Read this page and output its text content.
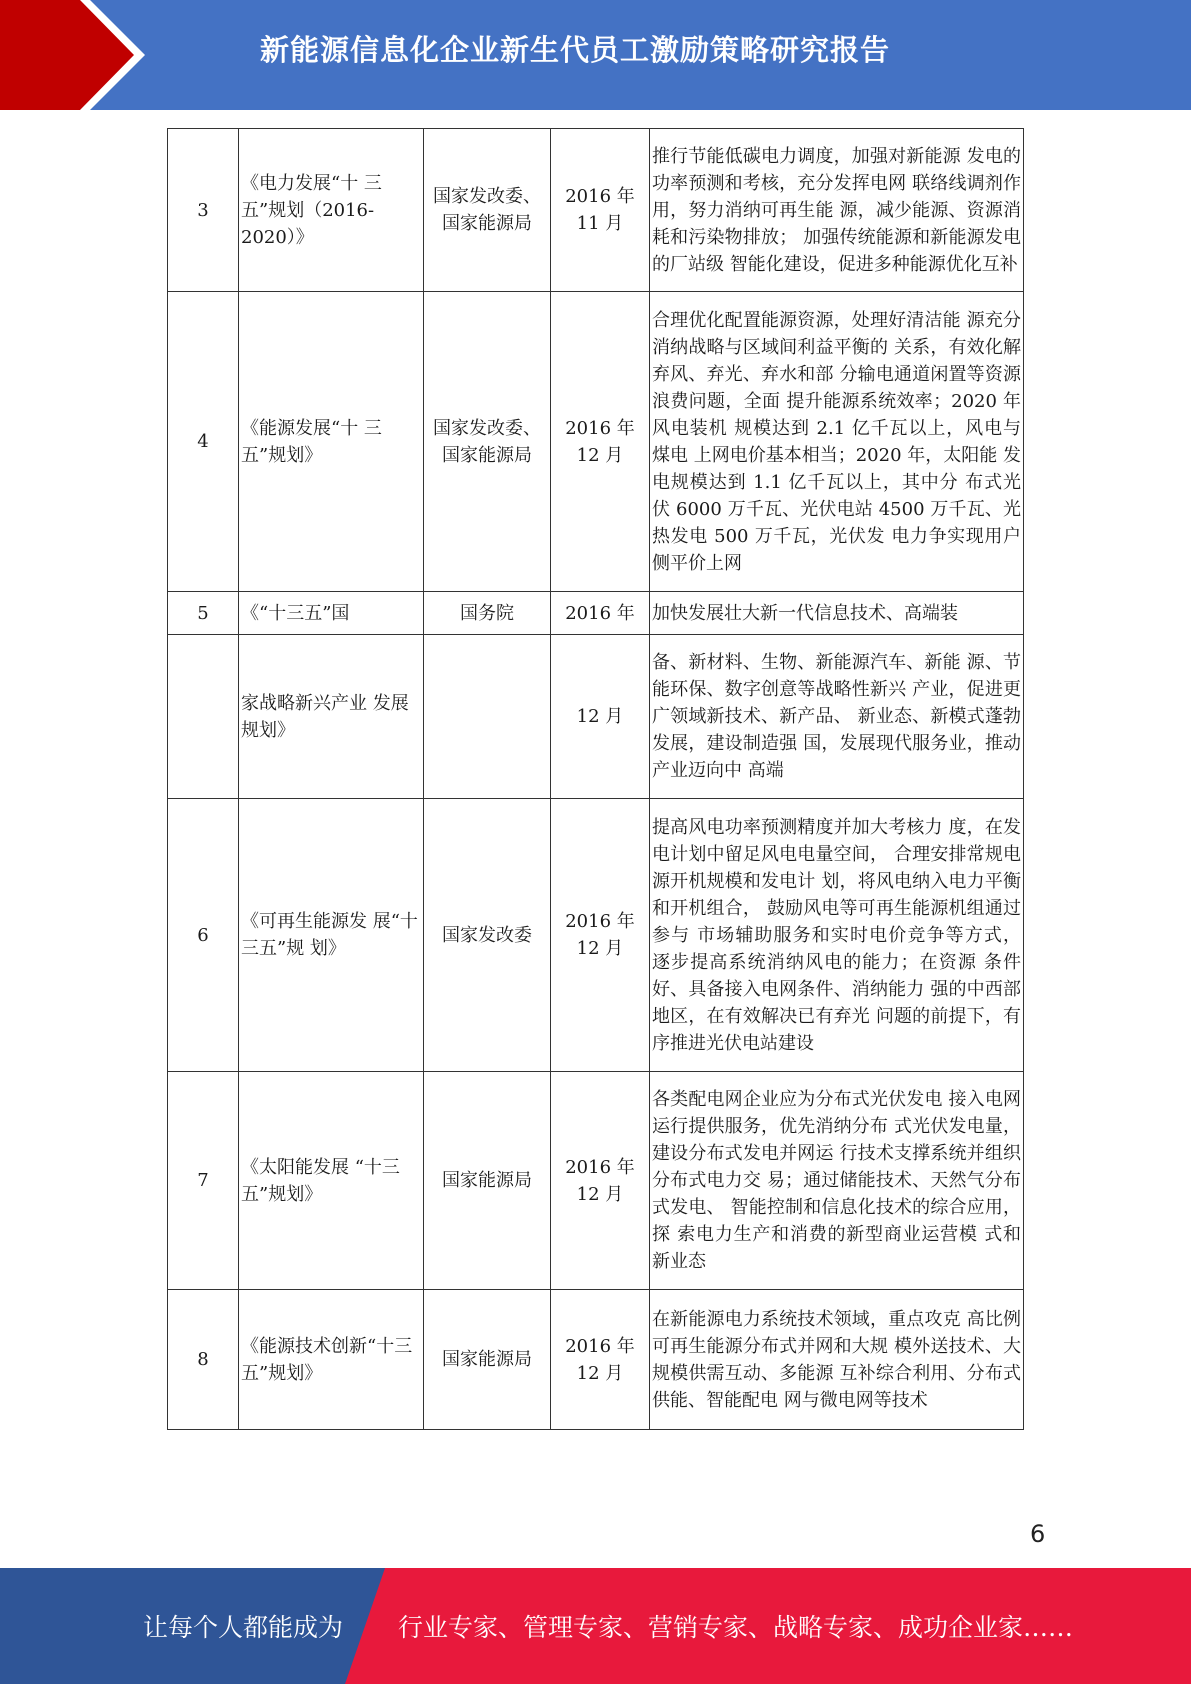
新能源信息化企业新生代员工激励策略研究报告
3	《电力发展“十 三五”规划（2016-2020）》	国家发改委、国家能源局	2016 年 11 月	推行节能低碳电力调度，加强对新能源 发电的功率预测和考核，充分发挥电网 联络线调剂作用，努力消纳可再生能 源，减少能源、资源消耗和污染物排放； 加强传统能源和新能源发电的厂站级 智能化建设，促进多种能源优化互补
4	《能源发展“十 三五”规划》	国家发改委、国家能源局	2016 年 12 月	合理优化配置能源资源，处理好清洁能 源充分消纳战略与区域间利益平衡的 关系，有效化解弃风、弃光、弃水和部 分输电通道闲置等资源浪费问题，全面 提升能源系统效率；2020 年风电装机 规模达到 2.1 亿千瓦以上，风电与煤电 上网电价基本相当；2020 年，太阳能 发电规模达到 1.1 亿千瓦以上，其中分 布式光伏 6000 万千瓦、光伏电站 4500 万千瓦、光热发电 500 万千瓦，光伏发 电力争实现用户侧平价上网
5	《“十三五”国	国务院	2016 年	加快发展壮大新一代信息技术、高端装
	家战略新兴产业 发展规划》		12 月	备、新材料、生物、新能源汽车、新能 源、节能环保、数字创意等战略性新兴 产业，促进更广领域新技术、新产品、 新业态、新模式蓬勃发展，建设制造强 国，发展现代服务业，推动产业迈向中 高端
6	《可再生能源发 展“十三五”规 划》	国家发改委	2016 年 12 月	提高风电功率预测精度并加大考核力 度，在发电计划中留足风电电量空间， 合理安排常规电源开机规模和发电计 划，将风电纳入电力平衡和开机组合， 鼓励风电等可再生能源机组通过参与 市场辅助服务和实时电价竞争等方式， 逐步提高系统消纳风电的能力；在资源 条件好、具备接入电网条件、消纳能力 强的中西部地区，在有效解决已有弃光 问题的前提下，有序推进光伏电站建设
7	《太阳能发展 “十三五”规划》	国家能源局	2016 年 12 月	各类配电网企业应为分布式光伏发电 接入电网运行提供服务，优先消纳分布 式光伏发电量，建设分布式发电并网运 行技术支撑系统并组织分布式电力交 易；通过储能技术、天然气分布式发电、 智能控制和信息化技术的综合应用，探 索电力生产和消费的新型商业运营模 式和新业态
8	《能源技术创新“十三五”规划》	国家能源局	2016 年 12 月	在新能源电力系统技术领域，重点攻克 高比例可再生能源分布式并网和大规 模外送技术、大规模供需互动、多能源 互补综合利用、分布式供能、智能配电 网与微电网等技术
6
让每个人都能成为 行业专家、管理专家、营销专家、战略专家、成功企业家……
